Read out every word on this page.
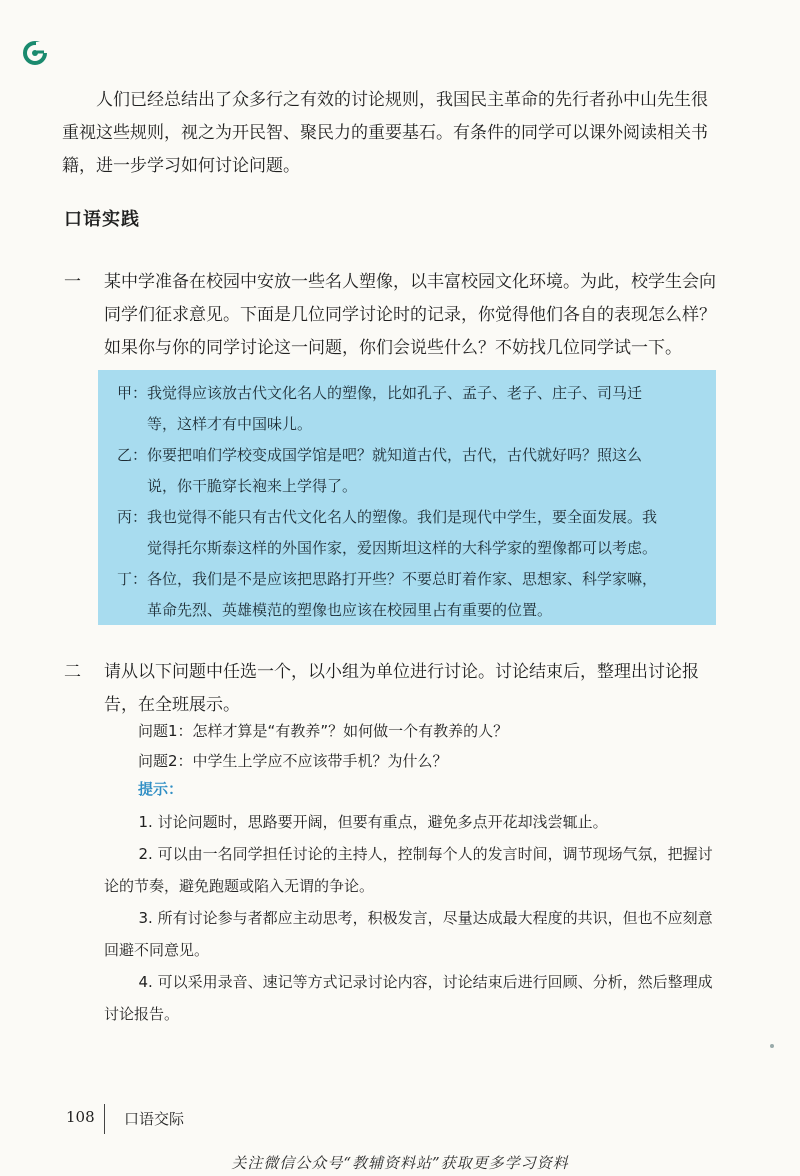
人们已经总结出了众多行之有效的讨论规则，我国民主革命的先行者孙中山先生很重视这些规则，视之为开民智、聚民力的重要基石。有条件的同学可以课外阅读相关书籍，进一步学习如何讨论问题。

口语实践
一 某中学准备在校园中安放一些名人塑像，以丰富校园文化环境。为此，校学生会向同学们征求意见。下面是几位同学讨论时的记录，你觉得他们各自的表现怎么样？如果你与你的同学讨论这一问题，你们会说些什么？不妨找几位同学试一下。

甲：我觉得应该放古代文化名人的塑像，比如孔子、孟子、老子、庄子、司马迁
等，这样才有中国味儿。
乙：你要把咱们学校变成国学馆是吧？就知道古代，古代，古代就好吗？照这么
说，你干脆穿长袍来上学得了。
丙：我也觉得不能只有古代文化名人的塑像。我们是现代中学生，要全面发展。我
觉得托尔斯泰这样的外国作家，爱因斯坦这样的大科学家的塑像都可以考虑。
丁：各位，我们是不是应该把思路打开些？不要总盯着作家、思想家、科学家嘛，
革命先烈、英雄模范的塑像也应该在校园里占有重要的位置。
二 请从以下问题中任选一个，以小组为单位进行讨论。讨论结束后，整理出讨论报告，在全班展示。

问题1：怎样才算是“有教养”？如何做一个有教养的人？
问题2：中学生上学应不应该带手机？为什么？
提示：

1. 讨论问题时，思路要开阔，但要有重点，避免多点开花却浅尝辄止。

2. 可以由一名同学担任讨论的主持人，控制每个人的发言时间，调节现场气氛，把握讨论的节奏，避免跑题或陷入无谓的争论。

3. 所有讨论参与者都应主动思考，积极发言，尽量达成最大程度的共识，但也不应刻意回避不同意见。

4. 可以采用录音、速记等方式记录讨论内容，讨论结束后进行回顾、分析，然后整理成讨论报告。

108 口语交际
关注微信公众号“教辅资料站”获取更多学习资料
